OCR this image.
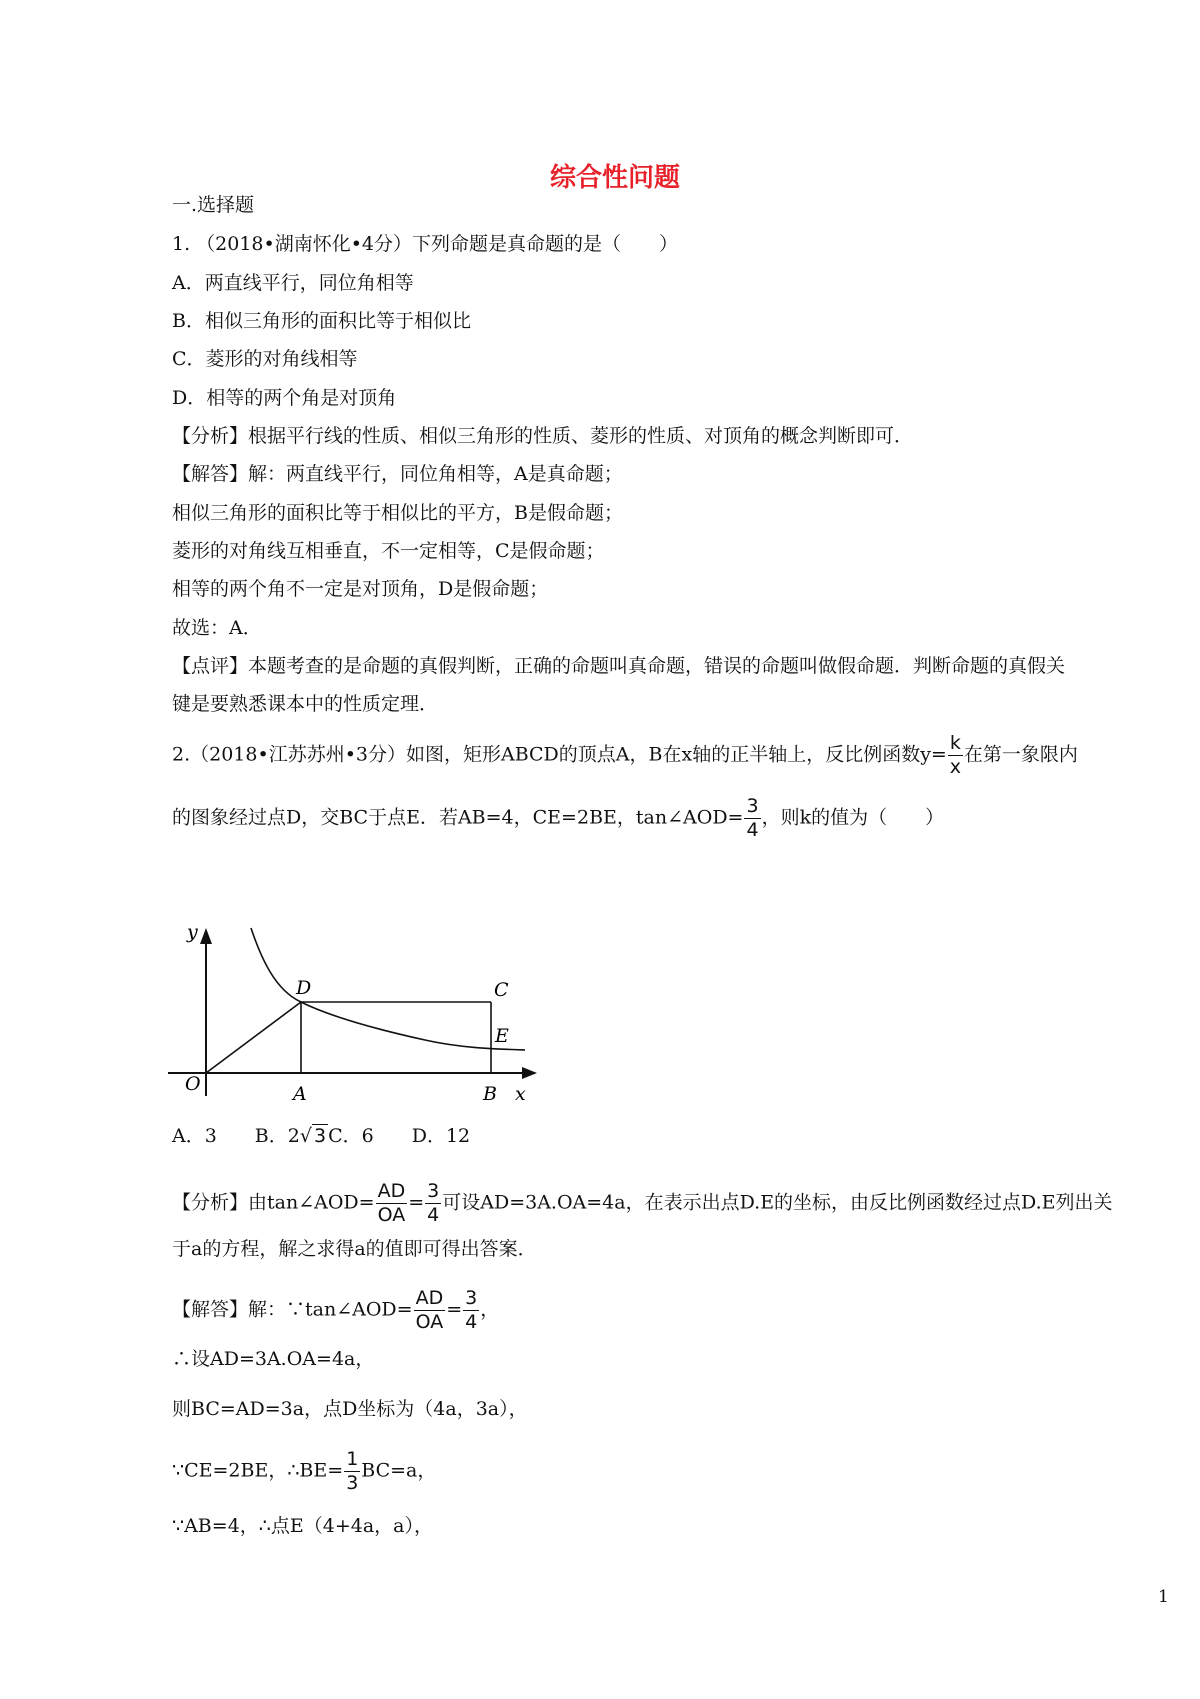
综合性问题
一.选择题
1. （2018•湖南怀化•4分）下列命题是真命题的是（　　）
A．两直线平行，同位角相等
B．相似三角形的面积比等于相似比
C．菱形的对角线相等
D．相等的两个角是对顶角
【分析】根据平行线的性质、相似三角形的性质、菱形的性质、对顶角的概念判断即可．
【解答】解：两直线平行，同位角相等，A是真命题；
相似三角形的面积比等于相似比的平方，B是假命题；
菱形的对角线互相垂直，不一定相等，C是假命题；
相等的两个角不一定是对顶角，D是假命题；
故选：A．
【点评】本题考查的是命题的真假判断，正确的命题叫真命题，错误的命题叫做假命题．判断命题的真假关
键是要熟悉课本中的性质定理．
2.（2018•江苏苏州•3分）如图，矩形ABCD的顶点A，B在x轴的正半轴上，反比例函数$y= \frac{k}{x}$ 在第一象限内
的图象经过点D，交BC于点E．若AB=4，CE=2BE，tan∠AOD= $\frac{3}{4}$ ，则k的值为（　　）
y
O	A	B x
D	C
E
A．3　　B．2√ 3 C．6　　D．12
【分析】由tan∠AOD= $\frac{AD}{OA} = \frac{3}{4}$ 可设AD=3A.OA=4a，在表示出点D.E的坐标，由反比例函数经过点D.E列出关
于a的方程，解之求得a的值即可得出答案．
【解答】解：∵tan∠AOD= $\frac{AD}{OA} = \frac{3}{4}$ ，
∴设AD=3A.OA=4a，
则BC=AD=3a，点D坐标为（4a，3a），
∵CE=2BE，∴BE= $\frac{1}{3} BC=a$，
∵AB=4，∴点E（4+4a，a），
1
